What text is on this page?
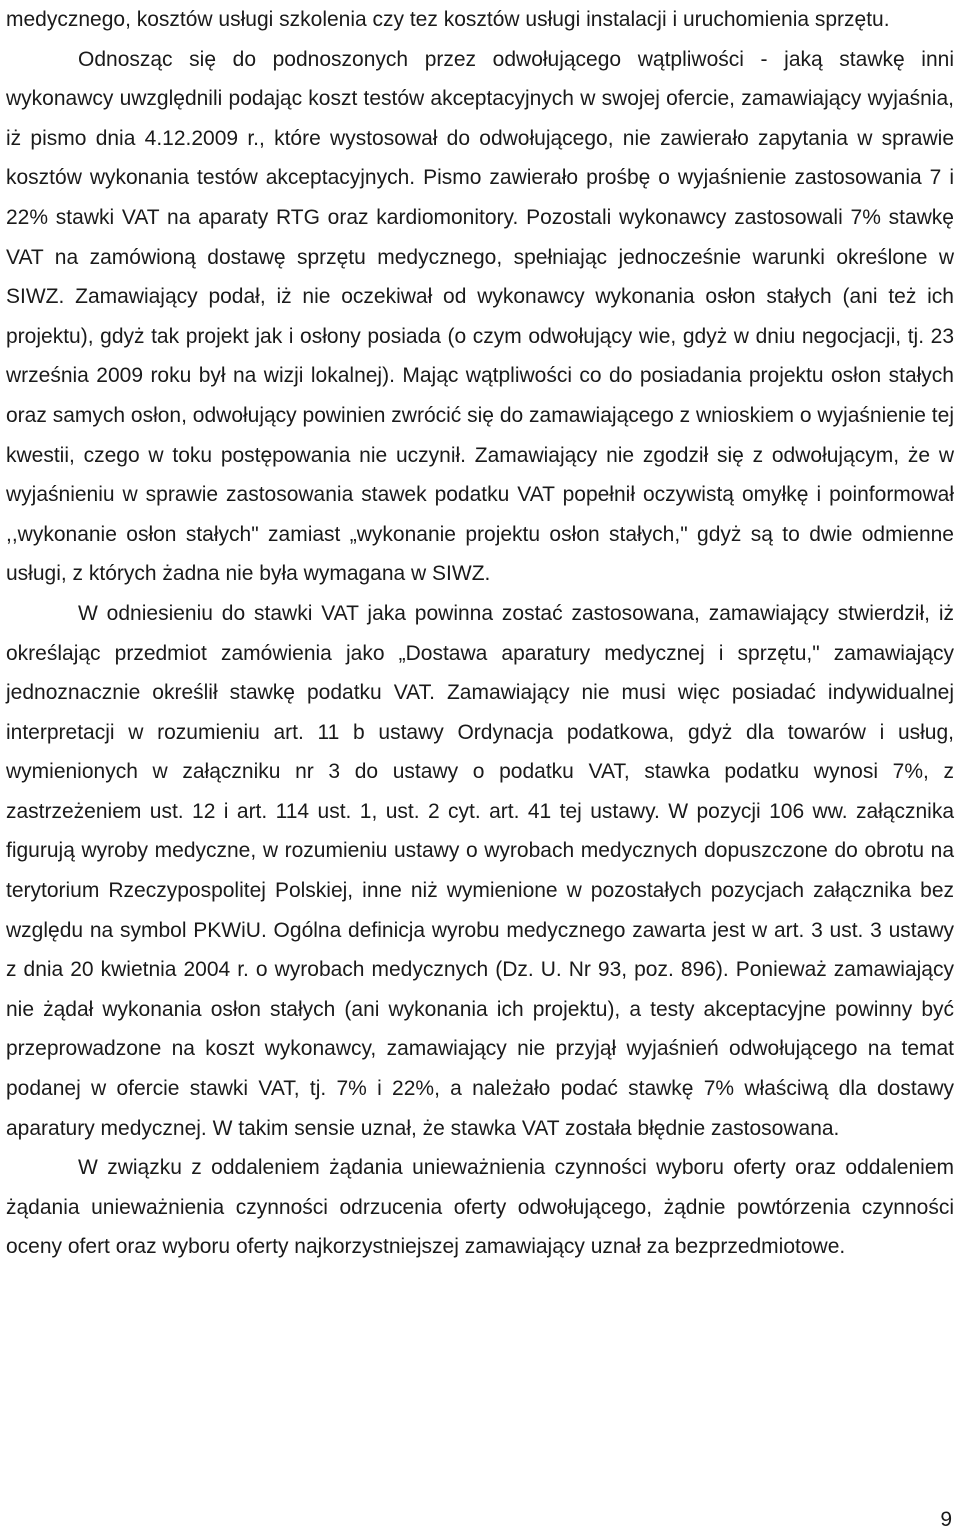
medycznego, kosztów usługi szkolenia czy tez kosztów usługi instalacji i uruchomienia sprzętu.

Odnosząc się do podnoszonych przez odwołującego wątpliwości - jaką stawkę inni wykonawcy uwzględnili podając koszt testów akceptacyjnych w swojej ofercie, zamawiający wyjaśnia, iż pismo dnia 4.12.2009 r., które wystosował do odwołującego, nie zawierało zapytania w sprawie kosztów wykonania testów akceptacyjnych. Pismo zawierało prośbę o wyjaśnienie zastosowania 7 i 22% stawki VAT na aparaty RTG oraz kardiomonitory. Pozostali wykonawcy zastosowali 7% stawkę VAT na zamówioną dostawę sprzętu medycznego, spełniając jednocześnie warunki określone w SIWZ. Zamawiający podał, iż nie oczekiwał od wykonawcy wykonania osłon stałych (ani też ich projektu), gdyż tak projekt jak i osłony posiada (o czym odwołujący wie, gdyż w dniu negocjacji, tj. 23 września 2009 roku był na wizji lokalnej). Mając wątpliwości co do posiadania projektu osłon stałych oraz samych osłon, odwołujący powinien zwrócić się do zamawiającego z wnioskiem o wyjaśnienie tej kwestii, czego w toku postępowania nie uczynił. Zamawiający nie zgodził się z odwołującym, że w wyjaśnieniu w sprawie zastosowania stawek podatku VAT popełnił oczywistą omyłkę i poinformował ,,wykonanie osłon stałych" zamiast „wykonanie projektu osłon stałych," gdyż są to dwie odmienne usługi, z których żadna nie była wymagana w SIWZ.

W odniesieniu do stawki VAT jaka powinna zostać zastosowana, zamawiający stwierdził, iż określając przedmiot zamówienia jako „Dostawa aparatury medycznej i sprzętu," zamawiający jednoznacznie określił stawkę podatku VAT. Zamawiający nie musi więc posiadać indywidualnej interpretacji w rozumieniu art. 11 b ustawy Ordynacja podatkowa, gdyż dla towarów i usług, wymienionych w załączniku nr 3 do ustawy o podatku VAT, stawka podatku wynosi 7%, z zastrzeżeniem ust. 12 i art. 114 ust. 1, ust. 2 cyt. art. 41 tej ustawy. W pozycji 106 ww. załącznika figurują wyroby medyczne, w rozumieniu ustawy o wyrobach medycznych dopuszczone do obrotu na terytorium Rzeczypospolitej Polskiej, inne niż wymienione w pozostałych pozycjach załącznika bez względu na symbol PKWiU. Ogólna definicja wyrobu medycznego zawarta jest w art. 3 ust. 3 ustawy z dnia 20 kwietnia 2004 r. o wyrobach medycznych (Dz. U. Nr 93, poz. 896). Ponieważ zamawiający nie żądał wykonania osłon stałych (ani wykonania ich projektu), a testy akceptacyjne powinny być przeprowadzone na koszt wykonawcy, zamawiający nie przyjął wyjaśnień odwołującego na temat podanej w ofercie stawki VAT, tj. 7% i 22%, a należało podać stawkę 7% właściwą dla dostawy aparatury medycznej. W takim sensie uznał, że stawka VAT została błędnie zastosowana.

W związku z oddaleniem żądania unieważnienia czynności wyboru oferty oraz oddaleniem żądania unieważnienia czynności odrzucenia oferty odwołującego, żądnie powtórzenia czynności oceny ofert oraz wyboru oferty najkorzystniejszej zamawiający uznał za bezprzedmiotowe.

9
